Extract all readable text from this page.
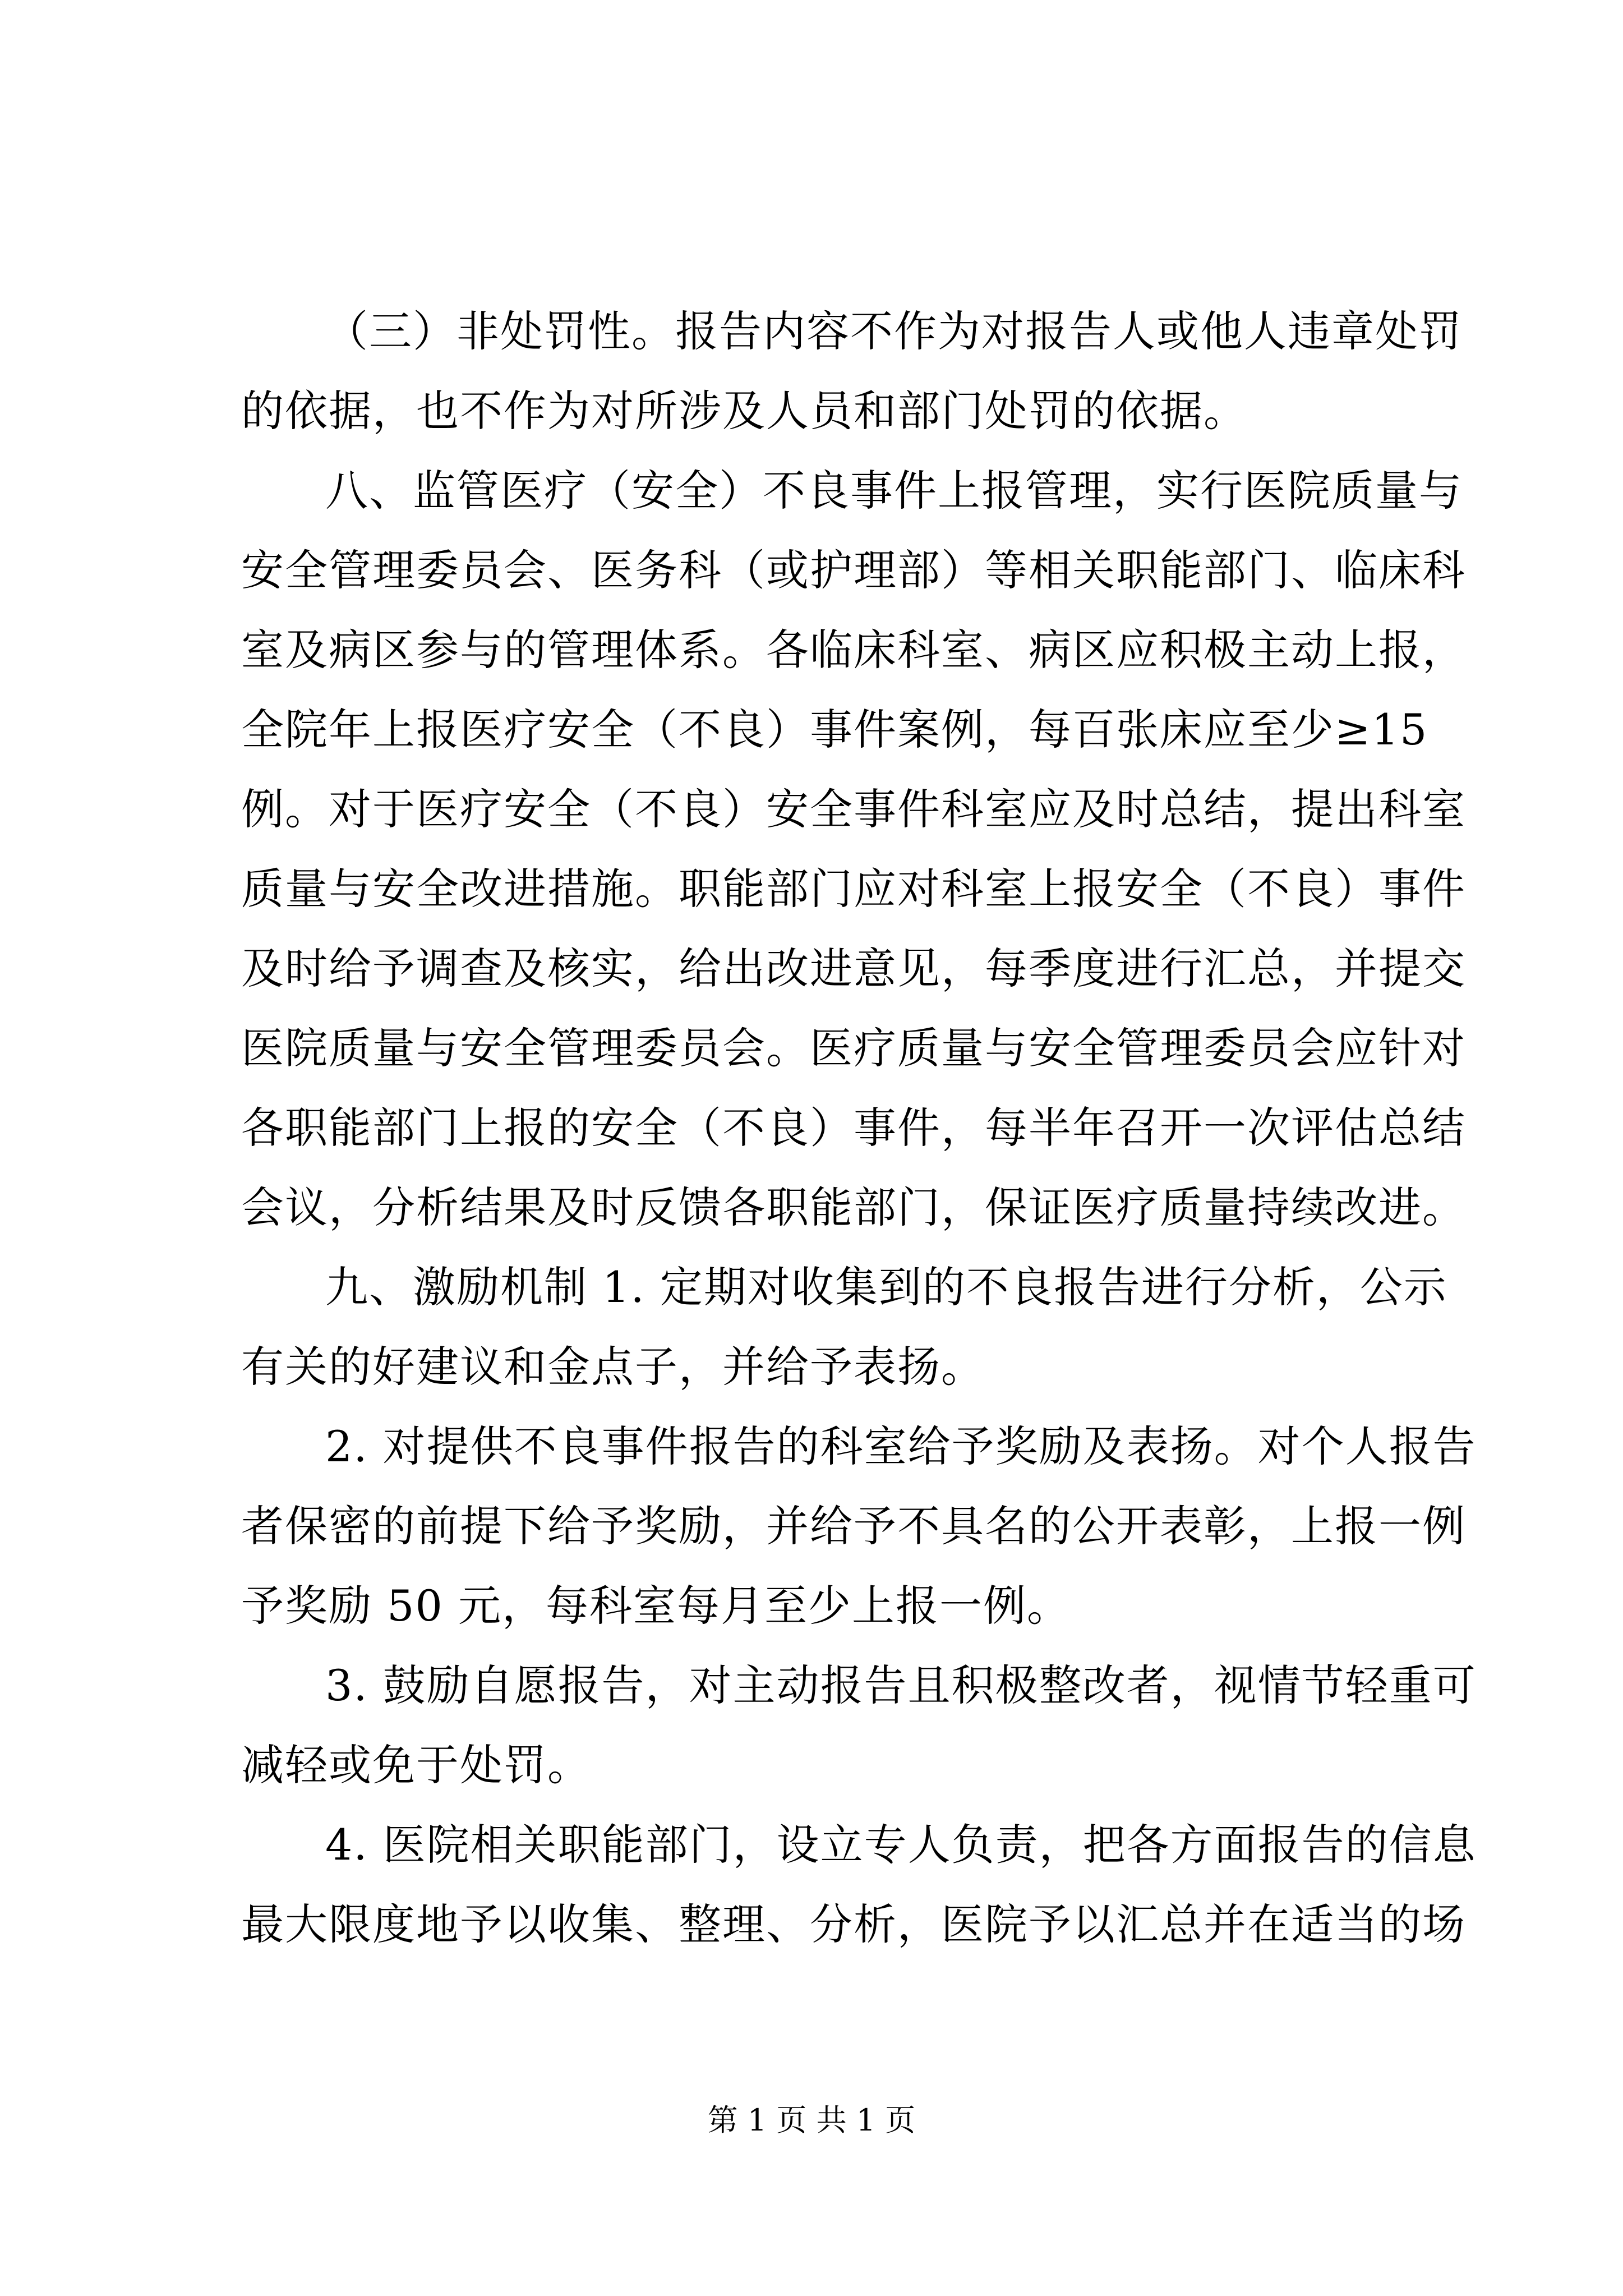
（三）非处罚性。报告内容不作为对报告人或他人违章处罚
的依据，也不作为对所涉及人员和部门处罚的依据。
八、监管医疗（安全）不良事件上报管理，实行医院质量与
安全管理委员会、医务科（或护理部）等相关职能部门、临床科
室及病区参与的管理体系。各临床科室、病区应积极主动上报，
全院年上报医疗安全（不良）事件案例，每百张床应至少≥15
例。对于医疗安全（不良）安全事件科室应及时总结，提出科室
质量与安全改进措施。职能部门应对科室上报安全（不良）事件
及时给予调查及核实，给出改进意见，每季度进行汇总，并提交
医院质量与安全管理委员会。医疗质量与安全管理委员会应针对
各职能部门上报的安全（不良）事件，每半年召开一次评估总结
会议，分析结果及时反馈各职能部门，保证医疗质量持续改进。
九、激励机制 1. 定期对收集到的不良报告进行分析，公示
有关的好建议和金点子，并给予表扬。
2. 对提供不良事件报告的科室给予奖励及表扬。对个人报告
者保密的前提下给予奖励，并给予不具名的公开表彰，上报一例
予奖励 50 元，每科室每月至少上报一例。
3. 鼓励自愿报告，对主动报告且积极整改者，视情节轻重可
减轻或免于处罚。
4. 医院相关职能部门，设立专人负责，把各方面报告的信息
最大限度地予以收集、整理、分析，医院予以汇总并在适当的场
第 1 页 共 1 页
